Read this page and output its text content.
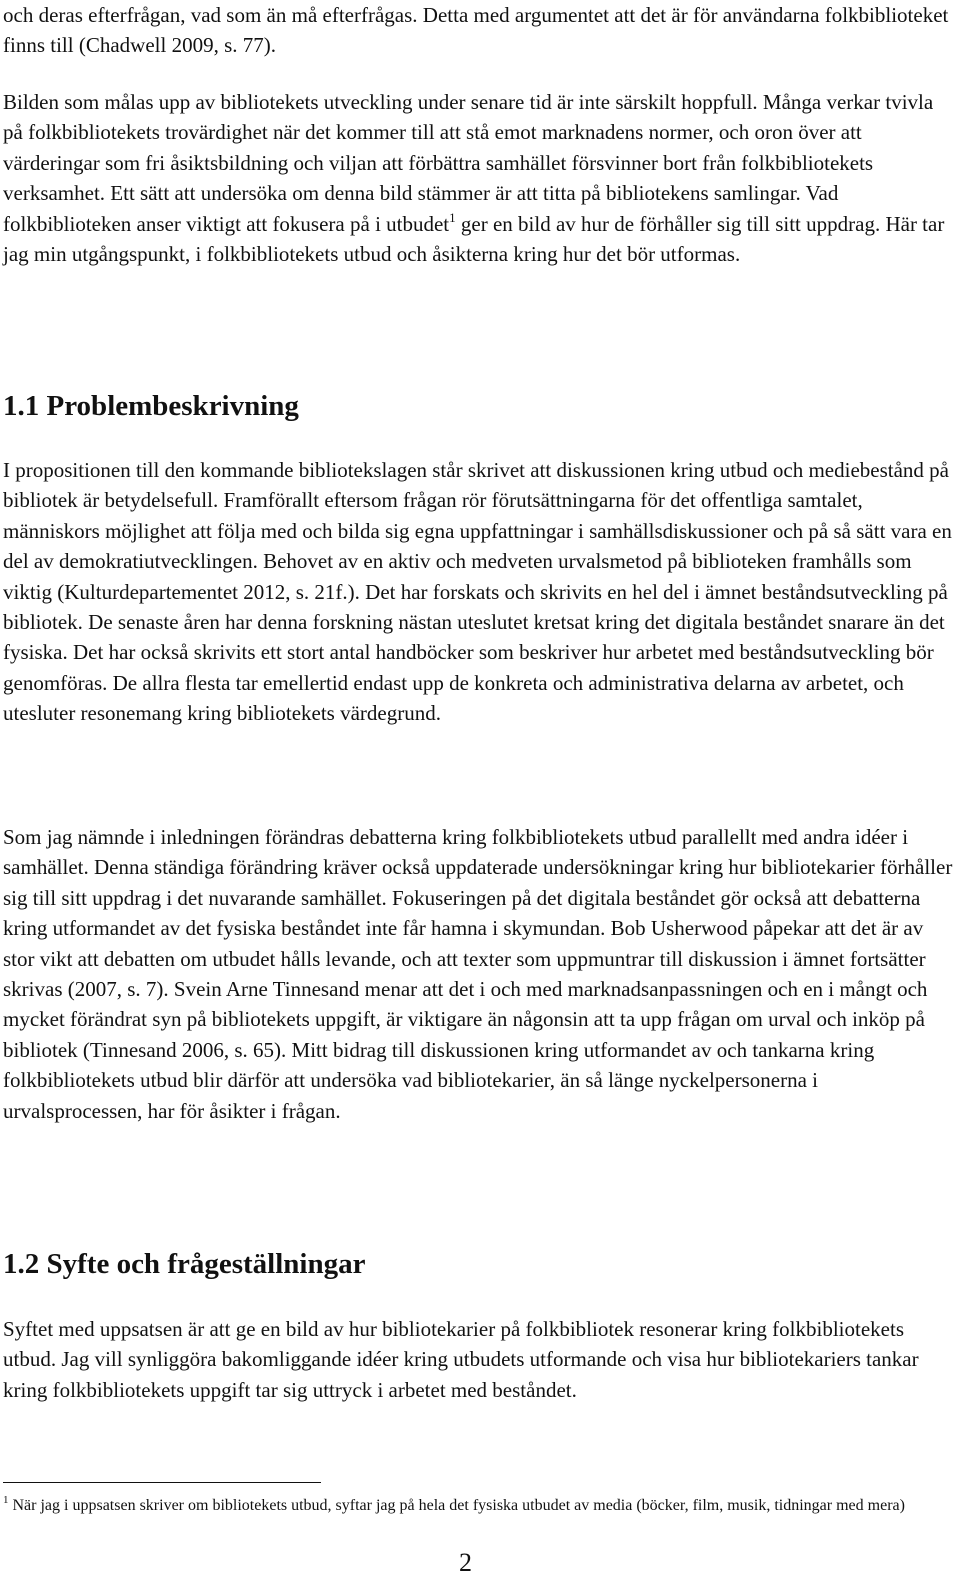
och deras efterfrågan, vad som än må efterfrågas. Detta med argumentet att det är för användarna folkbiblioteket finns till (Chadwell 2009, s. 77).

Bilden som målas upp av bibliotekets utveckling under senare tid är inte särskilt hoppfull. Många verkar tvivla på folkbibliotekets trovärdighet när det kommer till att stå emot marknadens normer, och oron över att värderingar som fri åsiktsbildning och viljan att förbättra samhället försvinner bort från folkbibliotekets verksamhet. Ett sätt att undersöka om denna bild stämmer är att titta på bibliotekens samlingar. Vad folkbiblioteken anser viktigt att fokusera på i utbudet$^1$ ger en bild av hur de förhåller sig till sitt uppdrag. Här tar jag min utgångspunkt, i folkbibliotekets utbud och åsikterna kring hur det bör utformas.

1.1 Problembeskrivning

I propositionen till den kommande bibliotekslagen står skrivet att diskussionen kring utbud och mediebestånd på bibliotek är betydelsefull. Framförallt eftersom frågan rör förutsättningarna för det offentliga samtalet, människors möjlighet att följa med och bilda sig egna uppfattningar i samhällsdiskussioner och på så sätt vara en del av demokratiutvecklingen. Behovet av en aktiv och medveten urvalsmetod på biblioteken framhålls som viktig (Kulturdepartementet 2012, s. 21f.). Det har forskats och skrivits en hel del i ämnet beståndsutveckling på bibliotek. De senaste åren har denna forskning nästan uteslutet kretsat kring det digitala beståndet snarare än det fysiska. Det har också skrivits ett stort antal handböcker som beskriver hur arbetet med beståndsutveckling bör genomföras. De allra flesta tar emellertid endast upp de konkreta och administrativa delarna av arbetet, och utesluter resonemang kring bibliotekets värdegrund.

Som jag nämnde i inledningen förändras debatterna kring folkbibliotekets utbud parallellt med andra idéer i samhället. Denna ständiga förändring kräver också uppdaterade undersökningar kring hur bibliotekarier förhåller sig till sitt uppdrag i det nuvarande samhället. Fokuseringen på det digitala beståndet gör också att debatterna kring utformandet av det fysiska beståndet inte får hamna i skymundan. Bob Usherwood påpekar att det är av stor vikt att debatten om utbudet hålls levande, och att texter som uppmuntrar till diskussion i ämnet fortsätter skrivas (2007, s. 7). Svein Arne Tinnesand menar att det i och med marknadsanpassningen och en i mångt och mycket förändrat syn på bibliotekets uppgift, är viktigare än någonsin att ta upp frågan om urval och inköp på bibliotek (Tinnesand 2006, s. 65). Mitt bidrag till diskussionen kring utformandet av och tankarna kring folkbibliotekets utbud blir därför att undersöka vad bibliotekarier, än så länge nyckelpersonerna i urvalsprocessen, har för åsikter i frågan.

1.2 Syfte och frågeställningar

Syftet med uppsatsen är att ge en bild av hur bibliotekarier på folkbibliotek resonerar kring folkbibliotekets utbud. Jag vill synliggöra bakomliggande idéer kring utbudets utformande och visa hur bibliotekariers tankar kring folkbibliotekets uppgift tar sig uttryck i arbetet med beståndet.

$^1$ När jag i uppsatsen skriver om bibliotekets utbud, syftar jag på hela det fysiska utbudet av media (böcker, film, musik, tidningar med mera)

2
